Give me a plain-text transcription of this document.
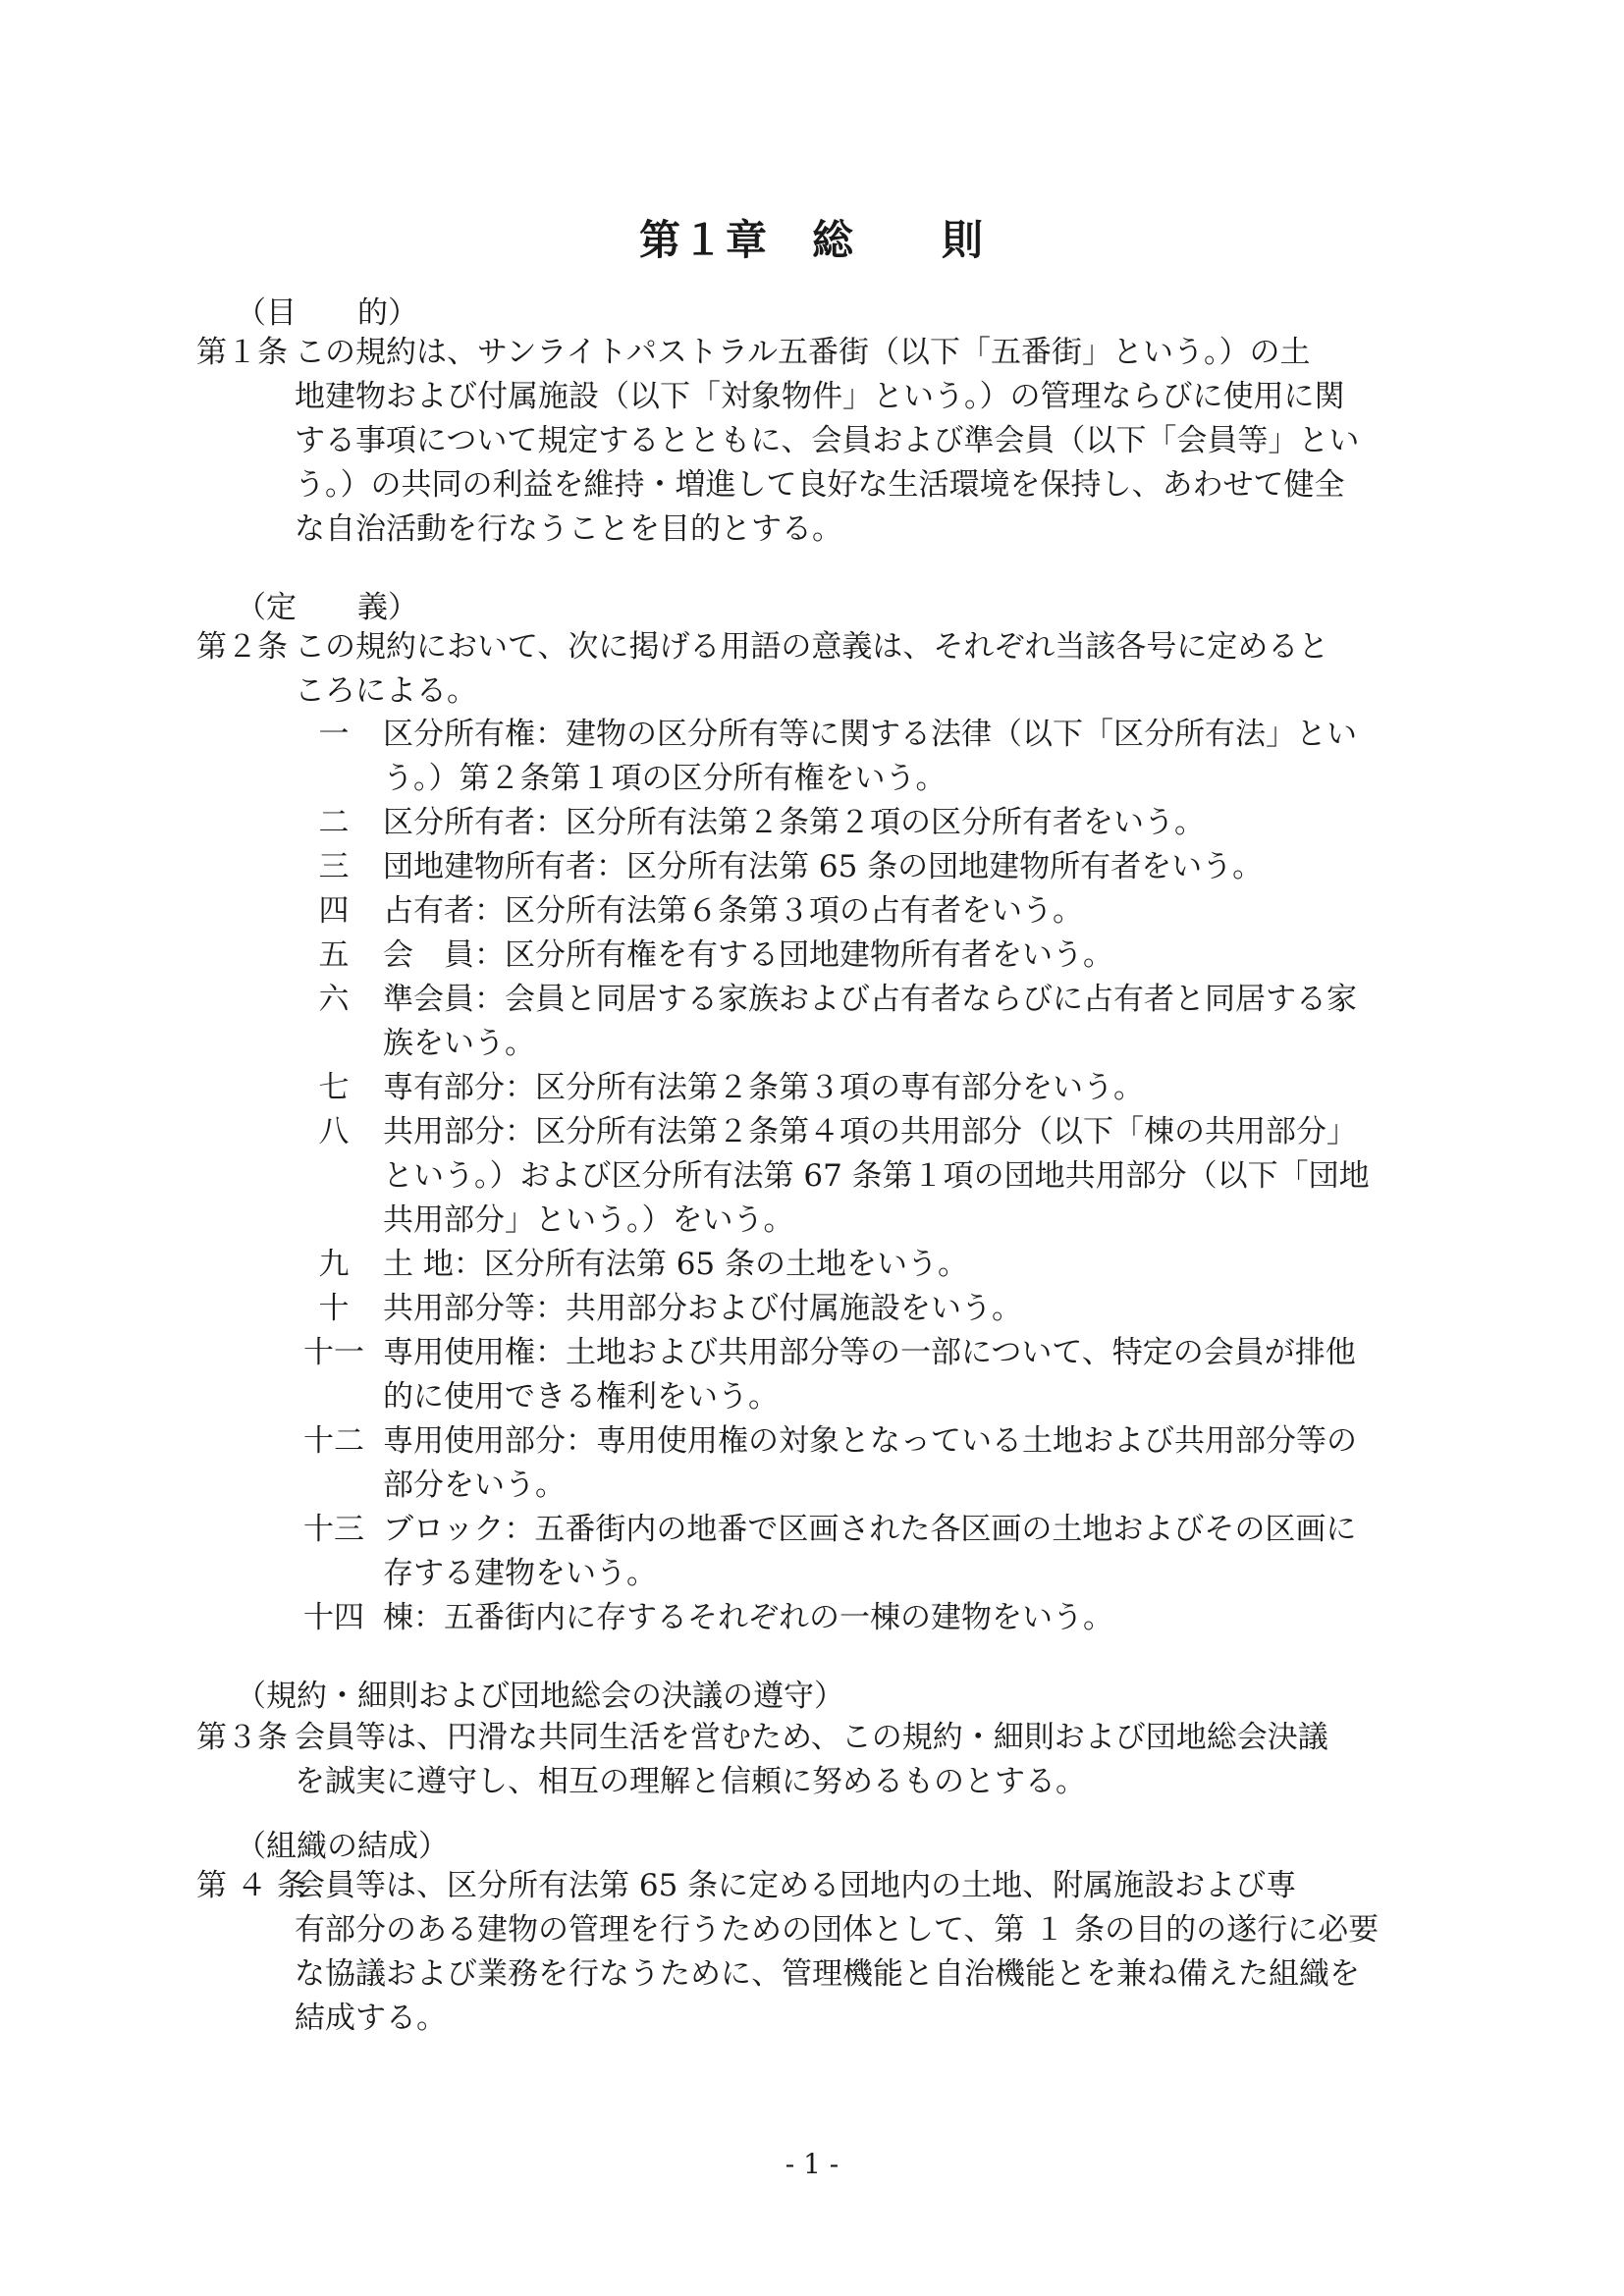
第１章　総　　則
（目　　的）
第１条 この規約は、サンライトパストラル五番街（以下「五番街」という。）の土
地建物および付属施設（以下「対象物件」という。）の管理ならびに使用に関
する事項について規定するとともに、会員および準会員（以下「会員等」とい
う。）の共同の利益を維持・増進して良好な生活環境を保持し、あわせて健全
な自治活動を行なうことを目的とする。
（定　　義）
第２条 この規約において、次に掲げる用語の意義は、それぞれ当該各号に定めると
ころによる。
一 区分所有権：建物の区分所有等に関する法律（以下「区分所有法」とい
う。）第２条第１項の区分所有権をいう。
二 区分所有者：区分所有法第２条第２項の区分所有者をいう。
三 団地建物所有者：区分所有法第 65 条の団地建物所有者をいう。
四 占有者：区分所有法第６条第３項の占有者をいう。
五 会　員：区分所有権を有する団地建物所有者をいう。
六 準会員：会員と同居する家族および占有者ならびに占有者と同居する家
族をいう。
七 専有部分：区分所有法第２条第３項の専有部分をいう。
八 共用部分：区分所有法第２条第４項の共用部分（以下「棟の共用部分」
という。）および区分所有法第 67 条第１項の団地共用部分（以下「団地
共用部分」という。）をいう。
九 土 地：区分所有法第 65 条の土地をいう。
十 共用部分等：共用部分および付属施設をいう。
十一 専用使用権：土地および共用部分等の一部について、特定の会員が排他
的に使用できる権利をいう。
十二 専用使用部分：専用使用権の対象となっている土地および共用部分等の
部分をいう。
十三 ブロック：五番街内の地番で区画された各区画の土地およびその区画に
存する建物をいう。
十四 棟：五番街内に存するそれぞれの一棟の建物をいう。
（規約・細則および団地総会の決議の遵守）
第３条 会員等は、円滑な共同生活を営むため、この規約・細則および団地総会決議
を誠実に遵守し、相互の理解と信頼に努めるものとする。
（組織の結成）
第 ４ 条会員等は、区分所有法第 65 条に定める団地内の土地、附属施設および専
有部分のある建物の管理を行うための団体として、第 １ 条の目的の遂行に必要
な協議および業務を行なうために、管理機能と自治機能とを兼ね備えた組織を
結成する。
- 1 -
